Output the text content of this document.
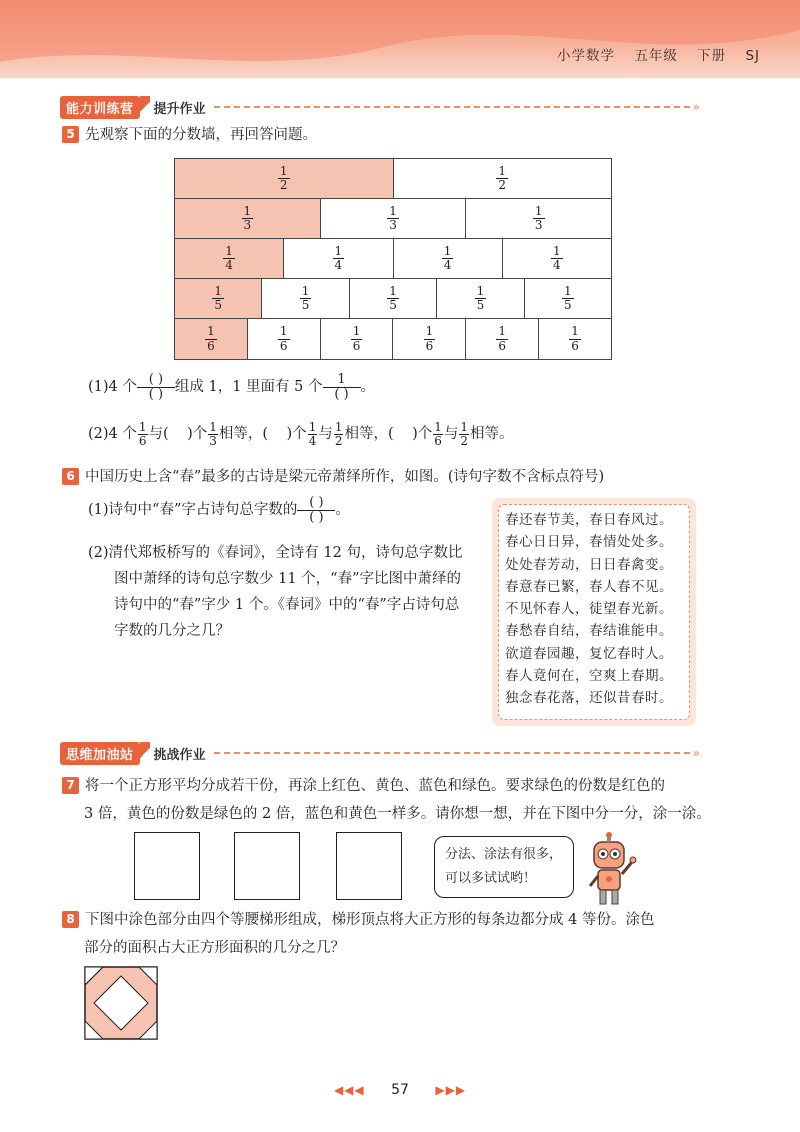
小学数学 五年级 下册 SJ
能力训练营	提升作业	»
5 先观察下面的分数墙，再回答问题。
$\frac{1}{2}$	$\frac{1}{2}$
$\frac{1}{3}$	$\frac{1}{3}$	$\frac{1}{3}$
$\frac{1}{4}$	$\frac{1}{4}$	$\frac{1}{4}$	$\frac{1}{4}$
$\frac{1}{5}$	$\frac{1}{5}$	$\frac{1}{5}$	$\frac{1}{5}$	$\frac{1}{5}$
$\frac{1}{6}$	$\frac{1}{6}$	$\frac{1}{6}$	$\frac{1}{6}$	$\frac{1}{6}$	$\frac{1}{6}$
(1)4 个 $\frac{( )}{( )}$ 组成 1，1 里面有 5 个 $\frac{1}{( )}$ 。
(2)4 个 $\frac{1}{6}$ 与( )个 $\frac{1}{3}$ 相等，( )个 $\frac{1}{4}$ 与 $\frac{1}{2}$ 相等，( )个 $\frac{1}{6}$ 与 $\frac{1}{2}$ 相等。
6 中国历史上含“春”最多的古诗是梁元帝萧绎所作，如图。(诗句字数不含标点符号)
(1)诗句中“春”字占诗句总字数的 $\frac{( )}{( )}$ 。
(2)清代郑板桥写的《春词》，全诗有 12 句，诗句总字数比
图中萧绎的诗句总字数少 11 个，“春”字比图中萧绎的
诗句中的“春”字少 1 个。《春词》中的“春”字占诗句总
字数的几分之几？
春还春节美，春日春风过。
春心日日异，春情处处多。
处处春芳动，日日春禽变。
春意春已繁，春人春不见。
不见怀春人，徒望春光新。
春愁春自结，春结谁能申。
欲道春园趣，复忆春时人。
春人竟何在，空爽上春期。
独念春花落，还似昔春时。
思维加油站	挑战作业	»
7 将一个正方形平均分成若干份，再涂上红色、黄色、蓝色和绿色。要求绿色的份数是红色的
3 倍，黄色的份数是绿色的 2 倍，蓝色和黄色一样多。请你想一想，并在下图中分一分，涂一涂。
分法、涂法有很多，
可以多试试哟！
8 下图中涂色部分由四个等腰梯形组成，梯形顶点将大正方形的每条边都分成 4 等份。涂色
部分的面积占大正方形面积的几分之几？
◀◀◀ 57 ▶▶▶
